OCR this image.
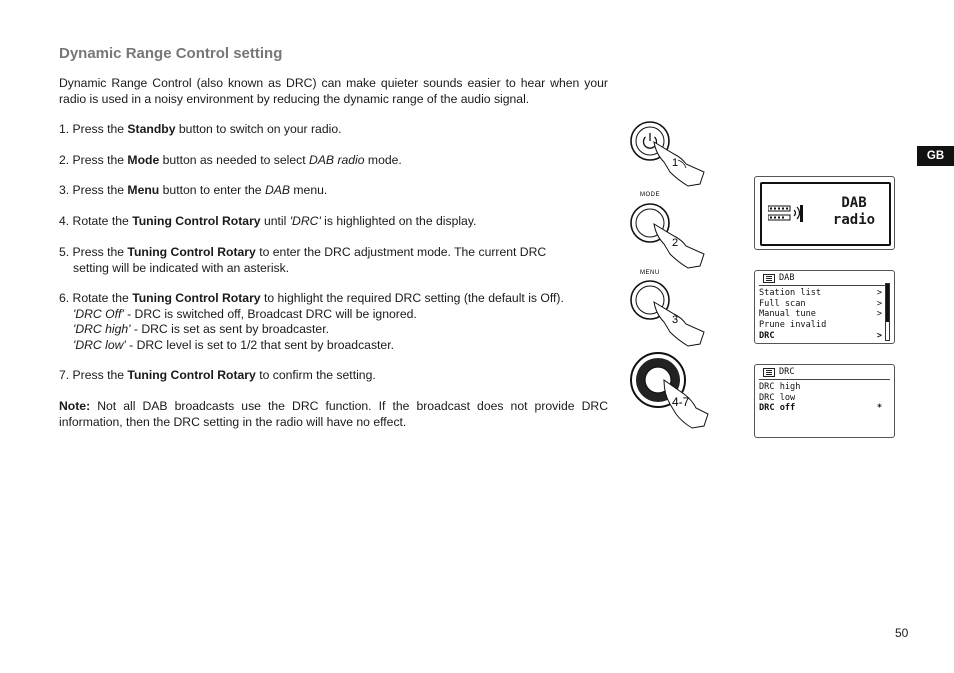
Dynamic Range Control setting
Dynamic Range Control (also known as DRC) can make quieter sounds easier to hear when your radio is used in a noisy environment by reducing the dynamic range of the audio signal.
1. Press the Standby button to switch on your radio.
2. Press the Mode button as needed to select DAB radio mode.
3. Press the Menu button to enter the DAB menu.
4. Rotate the Tuning Control Rotary until 'DRC' is highlighted on the display.
5. Press the Tuning Control Rotary to enter the DRC adjustment mode. The current DRC
setting will be indicated with an asterisk.
6. Rotate the Tuning Control Rotary to highlight the required DRC setting (the default is Off).
'DRC Off' - DRC is switched off, Broadcast DRC will be ignored.
'DRC high' - DRC is set as sent by broadcaster.
'DRC low' - DRC level is set to 1/2 that sent by broadcaster.
7. Press the Tuning Control Rotary to confirm the setting.
Note: Not all DAB broadcasts use the DRC function. If the broadcast does not provide DRC information, then the DRC setting in the radio will have no effect.
1
MODE
2
MENU
3
4-7
DAB
radio
DAB
Station list	>
Full scan	>
Manual tune	>
Prune invalid
DRC	>
DRC
DRC high
DRC low
DRC off	*
GB
50
